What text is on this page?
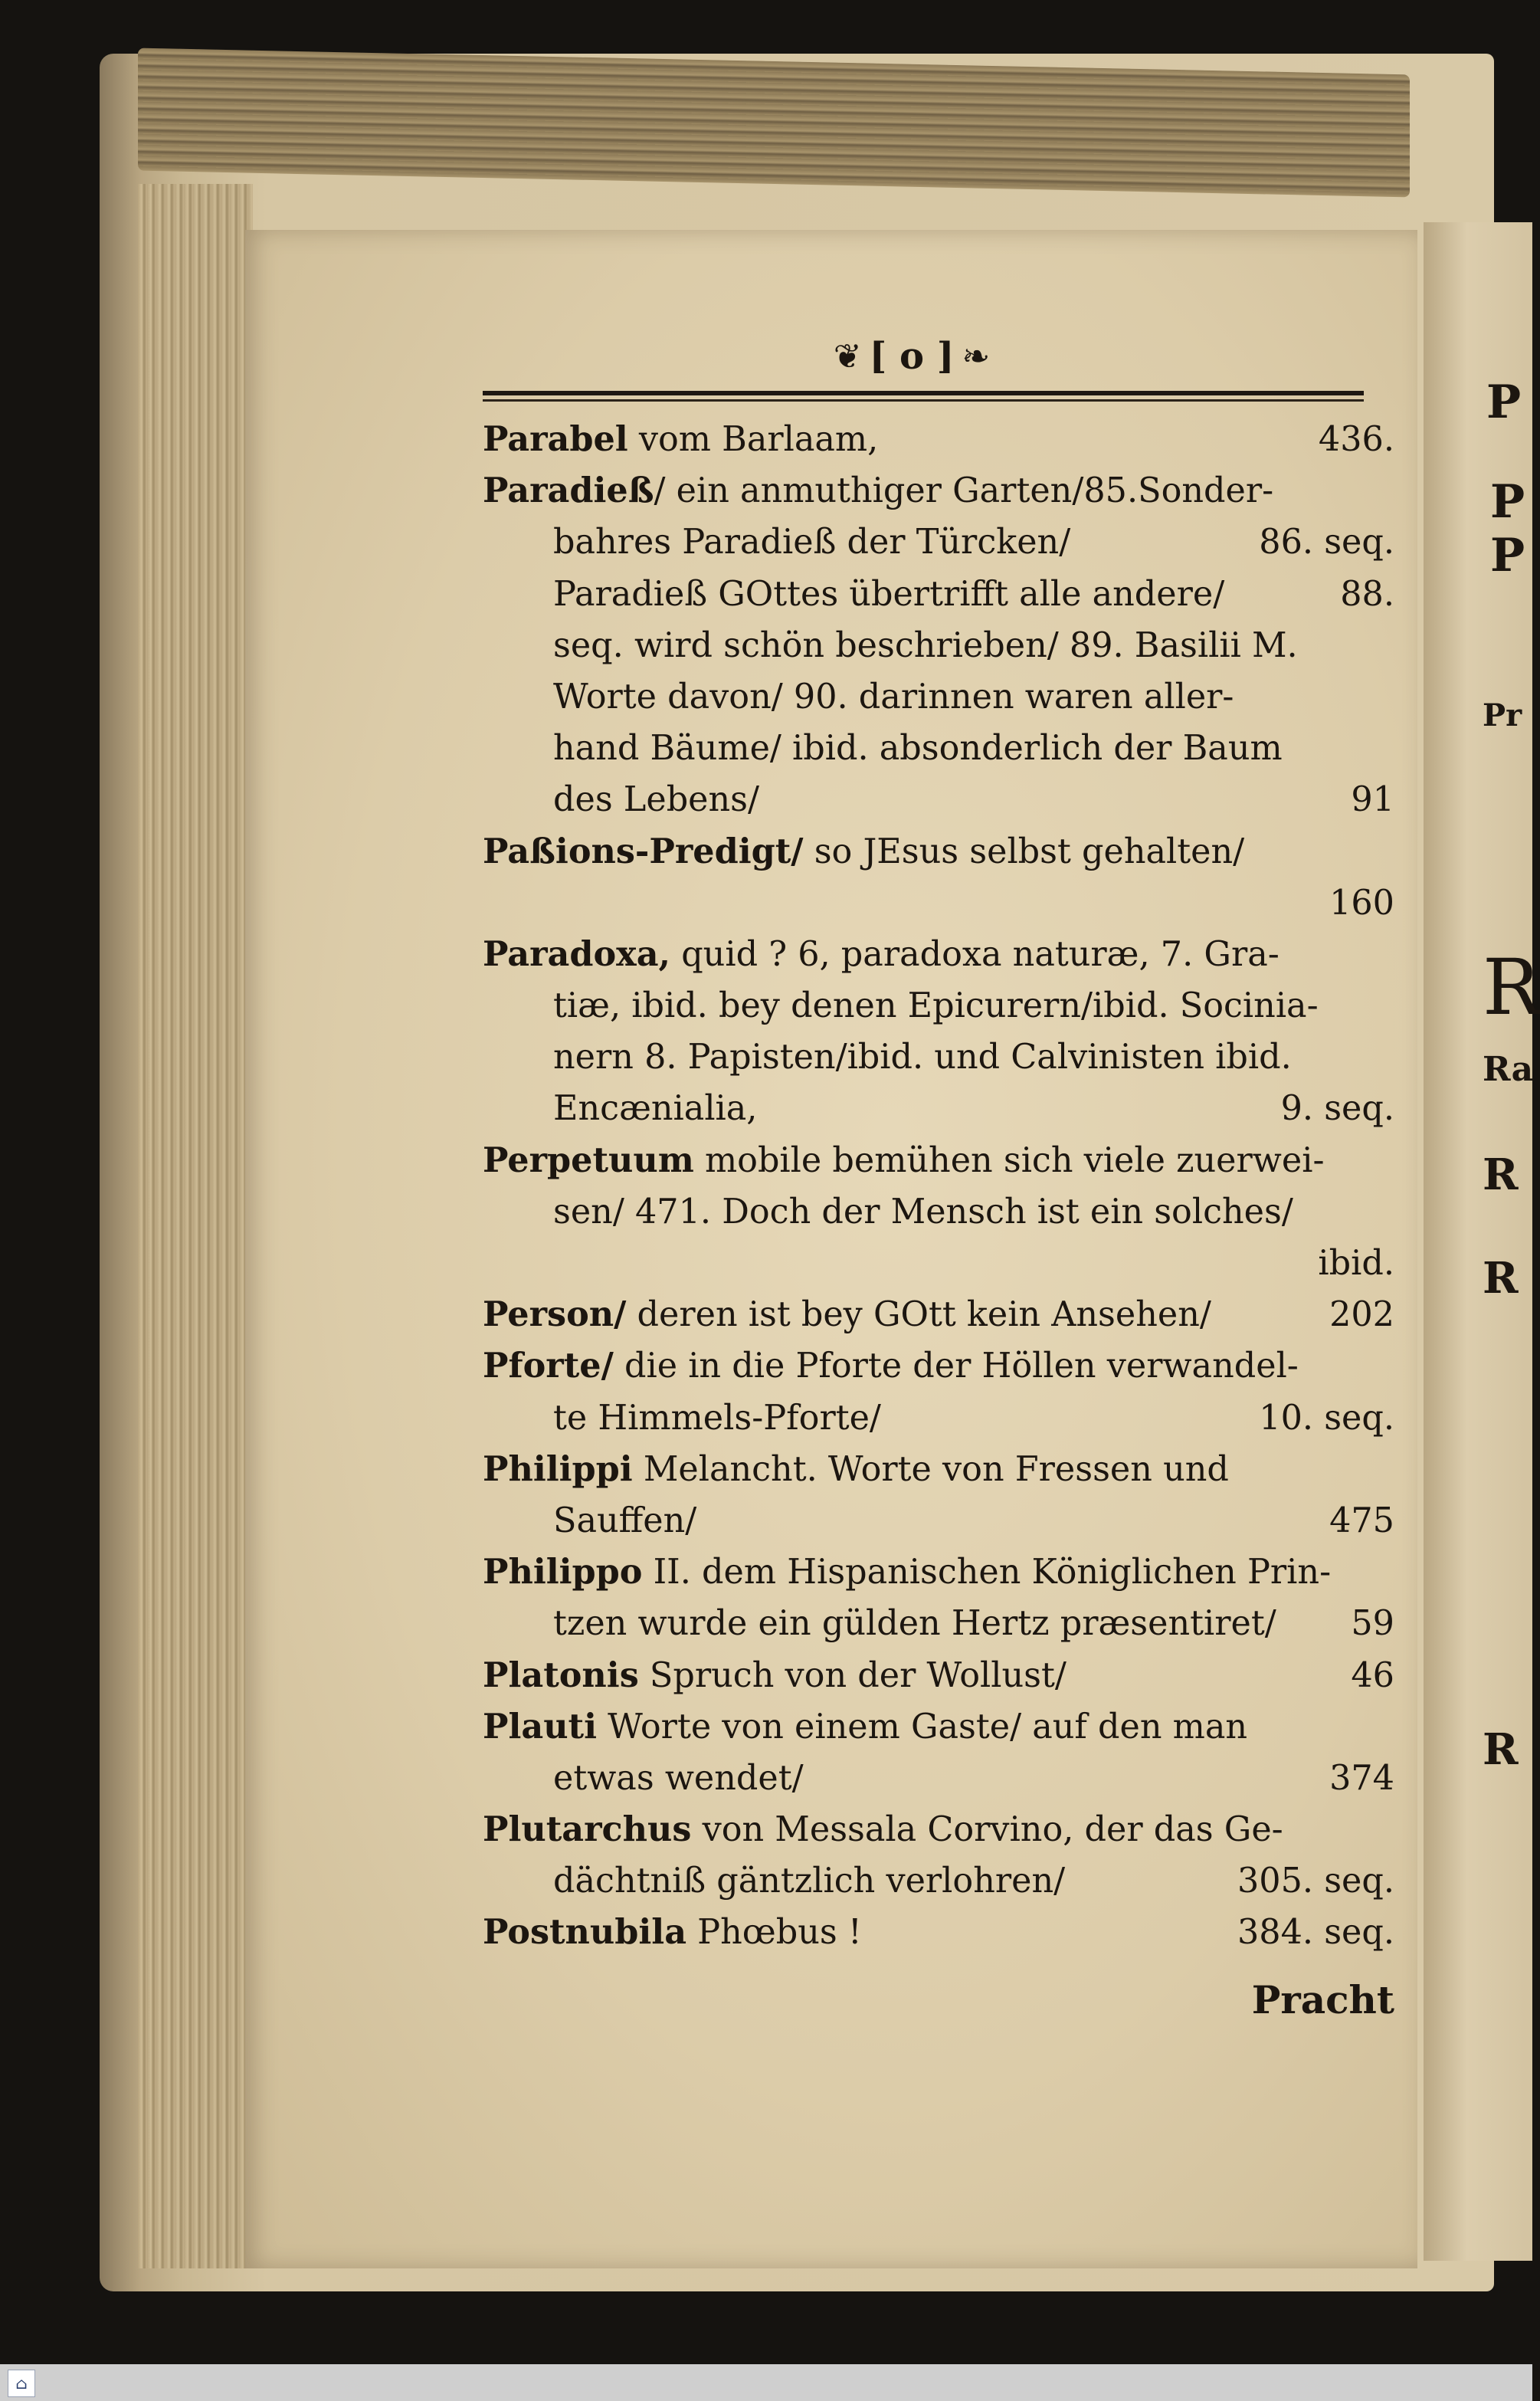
P
P
P
Pr
R
Ra
R
R
R
❦ [ o ] ❧
Parabel vom Barlaam,	436.
Paradieß/ ein anmuthiger Garten/85.Sonder-
bahres Paradieß der Türcken/	86. seq.
Paradieß GOttes übertrifft alle andere/	88.
seq. wird schön beschrieben/ 89. Basilii M.
Worte davon/ 90. darinnen waren aller-
hand Bäume/ ibid. absonderlich der Baum
des Lebens/	91
Paßions-Predigt/ so JEsus selbst gehalten/
160
Paradoxa, quid ? 6, paradoxa naturæ, 7. Gra-
tiæ, ibid. bey denen Epicurern/ibid. Socinia-
nern 8. Papisten/ibid. und Calvinisten ibid.
Encænialia,	9. seq.
Perpetuum mobile bemühen sich viele zuerwei-
sen/ 471. Doch der Mensch ist ein solches/
ibid.
Person/ deren ist bey GOtt kein Ansehen/	202
Pforte/ die in die Pforte der Höllen verwandel-
te Himmels-Pforte/	10. seq.
Philippi Melancht. Worte von Fressen und
Sauffen/	475
Philippo II. dem Hispanischen Königlichen Prin-
tzen wurde ein gülden Hertz præsentiret/	59
Platonis Spruch von der Wollust/	46
Plauti Worte von einem Gaste/ auf den man
etwas wendet/	374
Plutarchus von Messala Corvino, der das Ge-
dächtniß gäntzlich verlohren/	305. seq.
Postnubila Phœbus !	384. seq.
Pracht
⌂
